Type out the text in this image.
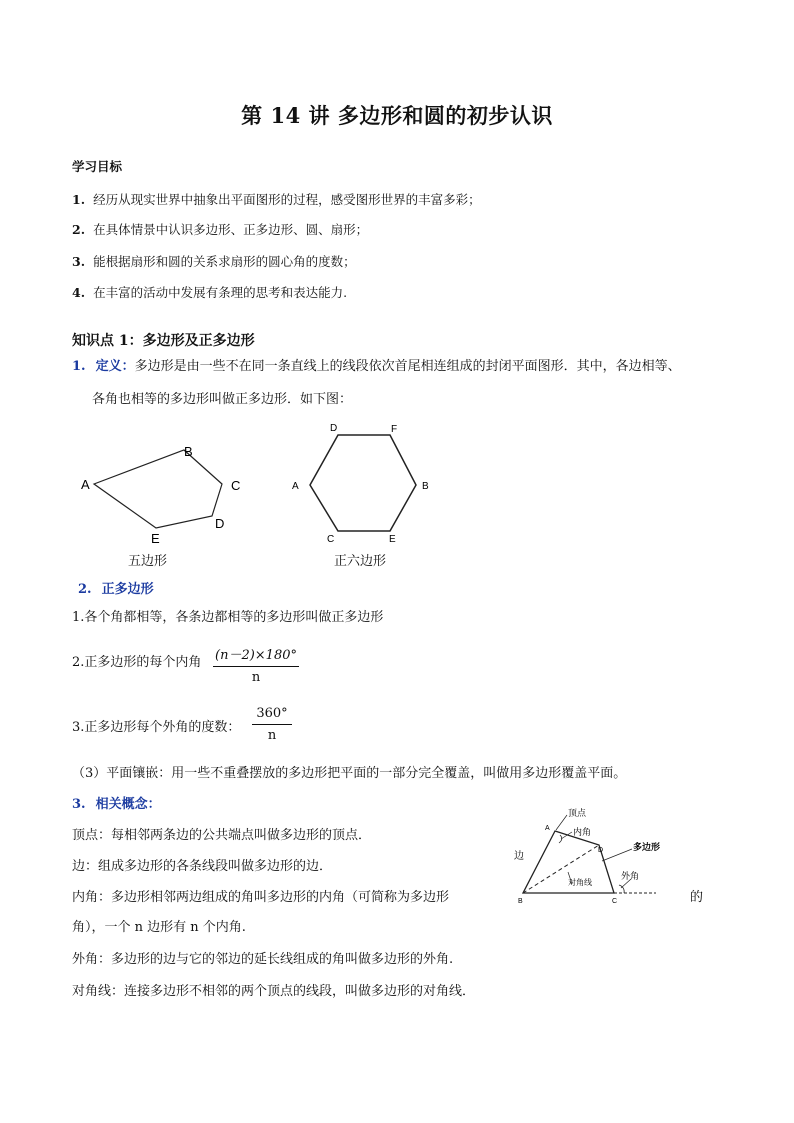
第 14 讲 多边形和圆的初步认识
学习目标
1. 经历从现实世界中抽象出平面图形的过程，感受图形世界的丰富多彩；
2. 在具体情景中认识多边形、正多边形、圆、扇形；
3. 能根据扇形和圆的关系求扇形的圆心角的度数；
4. 在丰富的活动中发展有条理的思考和表达能力.
知识点 1：多边形及正多边形
1. 定义：多边形是由一些不在同一条直线上的线段依次首尾相连组成的封闭平面图形．其中，各边相等、
各角也相等的多边形叫做正多边形．如下图：
A
B
C
D
E
五边形
D	F
A	B
C	E
正六边形
2. 正多边形
1.各个角都相等，各条边都相等的多边形叫做正多边形
2.正多边形的每个内角 (n－2)×180°
n
3.正多边形每个外角的度数：
360°
n
（3）平面镶嵌：用一些不重叠摆放的多边形把平面的一部分完全覆盖，叫做用多边形覆盖平面。
3. 相关概念：
顶点：每相邻两条边的公共端点叫做多边形的顶点．
边：组成多边形的各条线段叫做多边形的边．
内角：多边形相邻两边组成的角叫多边形的内角（可简称为多边形	的
角），一个 n 边形有 n 个内角.
外角：多边形的边与它的邻边的延长线组成的角叫做多边形的外角.
对角线：连接多边形不相邻的两个顶点的线段，叫做多边形的对角线．
顶点
内角
边
多边形
对角线
外角
A
D
B	C
